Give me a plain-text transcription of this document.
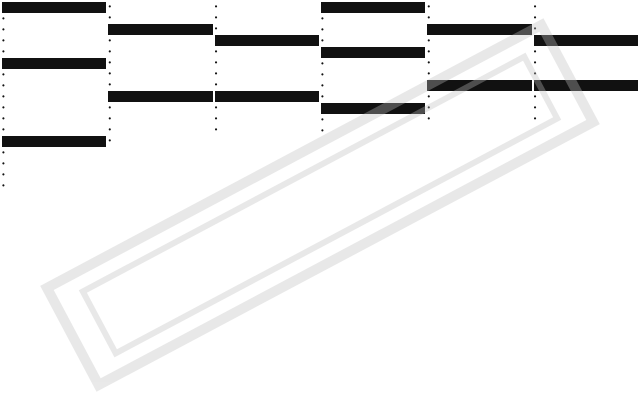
•
•
•
•
•
•
•
•
•
•
•
•
•
•
•
•
•
•
•
•
•
•
•
•
•
•
•
•
•
•
•
•
•
•
•
•
•
•
•
•
•
•
•
•
•
•
•
•
•
•
•
•
•
•
•
•
•
•
•
•
•
•
